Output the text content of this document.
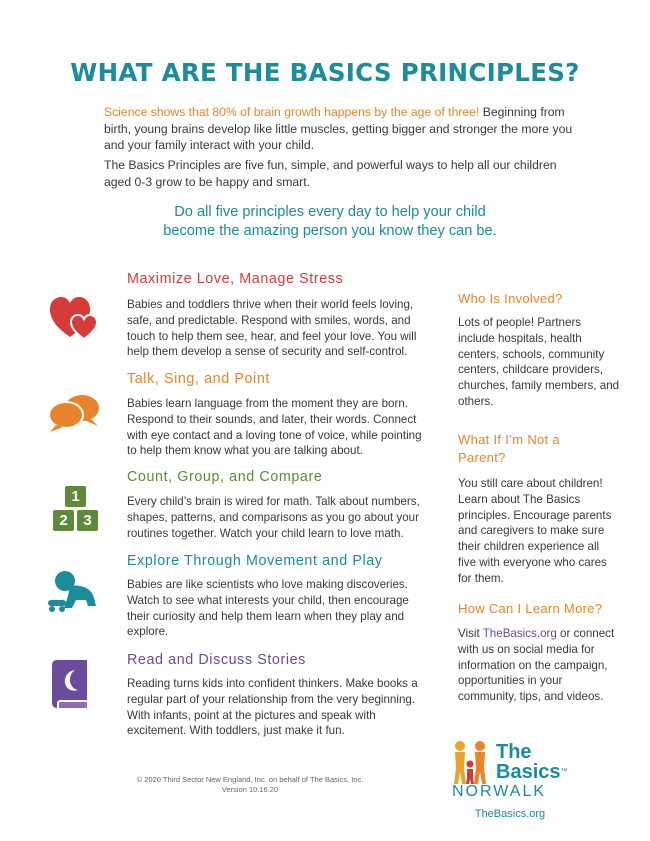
WHAT ARE THE BASICS PRINCIPLES?
Science shows that 80% of brain growth happens by the age of three! Beginning from birth, young brains develop like little muscles, getting bigger and stronger the more you and your family interact with your child.
The Basics Principles are five fun, simple, and powerful ways to help all our children aged 0-3 grow to be happy and smart.
Do all five principles every day to help your child
become the amazing person you know they can be.
Maximize Love, Manage Stress
Babies and toddlers thrive when their world feels loving, safe, and predictable. Respond with smiles, words, and touch to help them see, hear, and feel your love. You will help them develop a sense of security and self-control.
Talk, Sing, and Point
Babies learn language from the moment they are born. Respond to their sounds, and later, their words. Connect with eye contact and a loving tone of voice, while pointing to help them know what you are talking about.
1
2	3
Count, Group, and Compare
Every child’s brain is wired for math. Talk about numbers, shapes, patterns, and comparisons as you go about your routines together. Watch your child learn to love math.
Explore Through Movement and Play
Babies are like scientists who love making discoveries. Watch to see what interests your child, then encourage their curiosity and help them learn when they play and explore.
Read and Discuss Stories
Reading turns kids into confident thinkers. Make books a regular part of your relationship from the very beginning. With infants, point at the pictures and speak with excitement. With toddlers, just make it fun.
Who Is Involved?
Lots of people! Partners include hospitals, health centers, schools, community centers, childcare providers, churches, family members, and others.
What If I’m Not a
Parent?
You still care about children! Learn about The Basics principles. Encourage parents and caregivers to make sure their children experience all five with everyone who cares for them.
How Can I Learn More?
Visit TheBasics.org or connect with us on social media for information on the campaign, opportunities in your community, tips, and videos.
© 2020 Third Sector New England, Inc. on behalf of The Basics, Inc.
Version 10.16.20
The
Basics™
NORWALK
TheBasics.org
